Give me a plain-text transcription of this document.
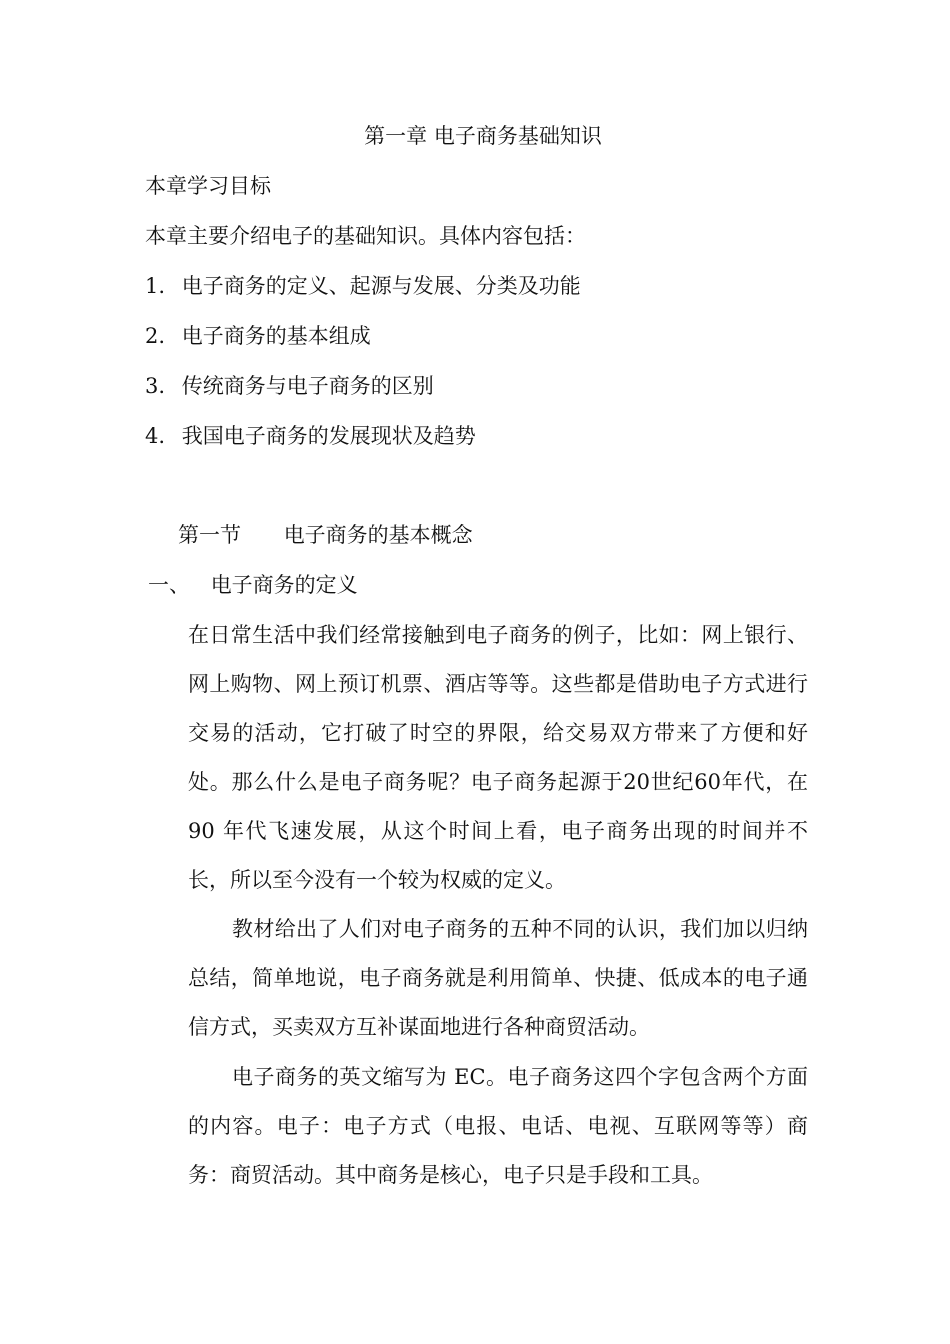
第一章 电子商务基础知识
本章学习目标
本章主要介绍电子的基础知识。具体内容包括：
1. 电子商务的定义、起源与发展、分类及功能
2. 电子商务的基本组成
3. 传统商务与电子商务的区别
4. 我国电子商务的发展现状及趋势
第一节 电子商务的基本概念
一、 电子商务的定义

在日常生活中我们经常接触到电子商务的例子，比如：网上银行、网上购物、网上预订机票、酒店等等。这些都是借助电子方式进行交易的活动，它打破了时空的界限，给交易双方带来了方便和好处。那么什么是电子商务呢？电子商务起源于20世纪60年代，在 90 年代飞速发展，从这个时间上看，电子商务出现的时间并不长，所以至今没有一个较为权威的定义。

教材给出了人们对电子商务的五种不同的认识，我们加以归纳总结，简单地说，电子商务就是利用简单、快捷、低成本的电子通信方式，买卖双方互补谋面地进行各种商贸活动。

电子商务的英文缩写为 EC。电子商务这四个字包含两个方面的内容。电子：电子方式（电报、电话、电视、互联网等等）商务：商贸活动。其中商务是核心，电子只是手段和工具。
